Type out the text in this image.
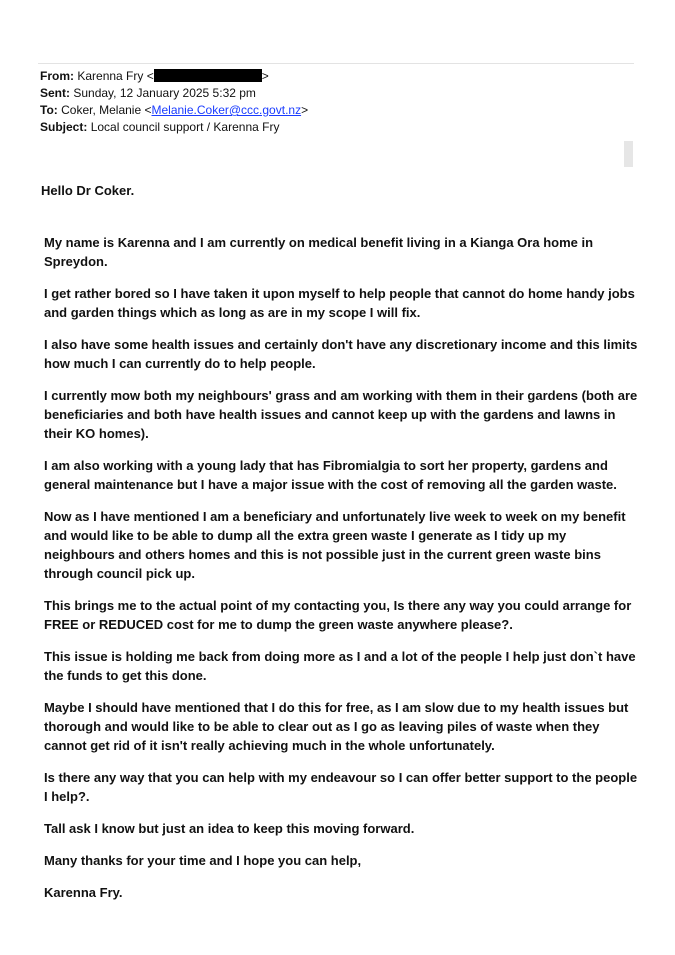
From: Karenna Fry <	>
Sent: Sunday, 12 January 2025 5:32 pm
To: Coker, Melanie <Melanie.Coker@ccc.govt.nz>
Subject: Local council support / Karenna Fry

Hello Dr Coker.

My name is Karenna and I am currently on medical benefit living in a Kianga Ora home in Spreydon.

I get rather bored so I have taken it upon myself to help people that cannot do home handy jobs and garden things which as long as are in my scope I will fix.

I also have some health issues and certainly don't have any discretionary income and this limits how much I can currently do to help people.

I currently mow both my neighbours' grass and am working with them in their gardens (both are beneficiaries and both have health issues and cannot keep up with the gardens and lawns in their KO homes).

I am also working with a young lady that has Fibromialgia to sort her property, gardens and general maintenance but I have a major issue with the cost of removing all the garden waste.

Now as I have mentioned I am a beneficiary and unfortunately live week to week on my benefit and would like to be able to dump all the extra green waste I generate as I tidy up my neighbours and others homes and this is not possible just in the current green waste bins through council pick up.

This brings me to the actual point of my contacting you, Is there any way you could arrange for FREE or REDUCED cost for me to dump the green waste anywhere please?.

This issue is holding me back from doing more as I and a lot of the people I help just don`t have the funds to get this done.

Maybe I should have mentioned that I do this for free, as I am slow due to my health issues but thorough and would like to be able to clear out as I go as leaving piles of waste when they cannot get rid of it isn't really achieving much in the whole unfortunately.

Is there any way that you can help with my endeavour so I can offer better support to the people I help?.

Tall ask I know but just an idea to keep this moving forward.

Many thanks for your time and I hope you can help,

Karenna Fry.
